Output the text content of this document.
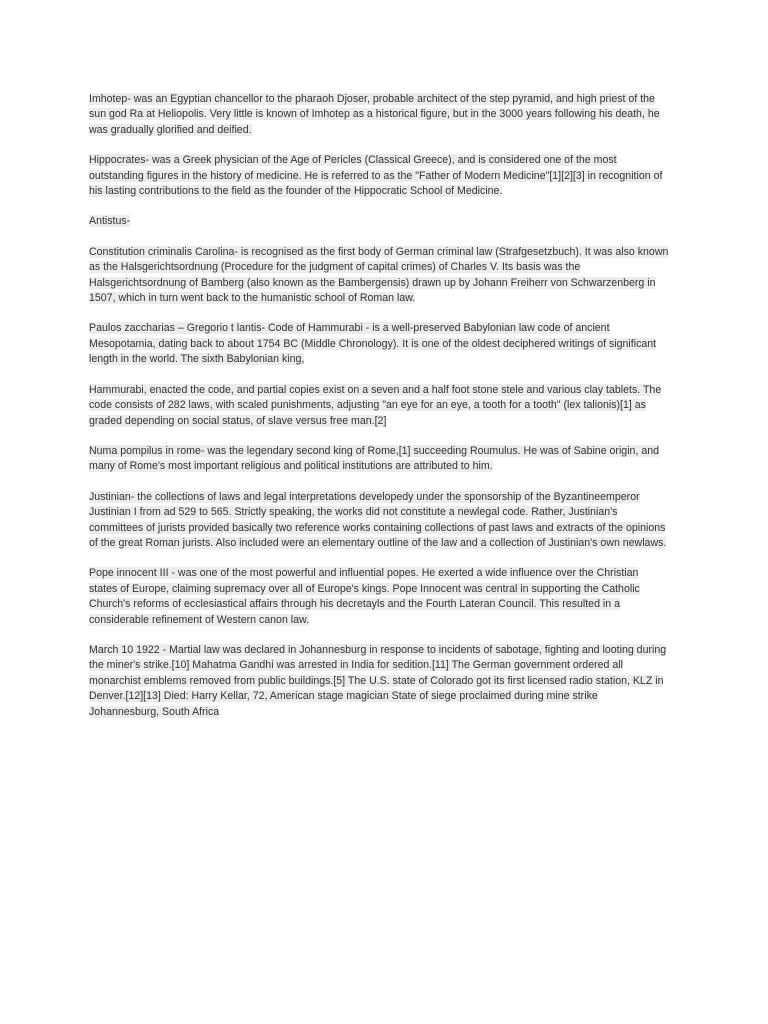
Imhotep- was an Egyptian chancellor to the pharaoh Djoser, probable architect of the step pyramid, and high priest of the sun god Ra at Heliopolis. Very little is known of Imhotep as a historical figure, but in the 3000 years following his death, he was gradually glorified and deified.

Hippocrates- was a Greek physician of the Age of Pericles (Classical Greece), and is considered one of the most outstanding figures in the history of medicine. He is referred to as the "Father of Modern Medicine"[1][2][3] in recognition of his lasting contributions to the field as the founder of the Hippocratic School of Medicine.

Antistus-

Constitution criminalis Carolina- is recognised as the first body of German criminal law (Strafgesetzbuch). It was also known as the Halsgerichtsordnung (Procedure for the judgment of capital crimes) of Charles V. Its basis was the Halsgerichtsordnung of Bamberg (also known as the Bambergensis) drawn up by Johann Freiherr von Schwarzenberg in 1507, which in turn went back to the humanistic school of Roman law.

Paulos zaccharias – Gregorio t lantis- Code of Hammurabi - is a well-preserved Babylonian law code of ancient Mesopotamia, dating back to about 1754 BC (Middle Chronology). It is one of the oldest deciphered writings of significant length in the world. The sixth Babylonian king,

Hammurabi, enacted the code, and partial copies exist on a seven and a half foot stone stele and various clay tablets. The code consists of 282 laws, with scaled punishments, adjusting "an eye for an eye, a tooth for a tooth" (lex talionis)[1] as graded depending on social status, of slave versus free man.[2]

Numa pompilus in rome- was the legendary second king of Rome,[1] succeeding Roumulus. He was of Sabine origin, and many of Rome's most important religious and political institutions are attributed to him.

Justinian- the collections of laws and legal interpretations developedy under the sponsorship of the Byzantineemperor Justinian I from ad 529 to 565. Strictly speaking, the works did not constitute a newlegal code. Rather, Justinian's committees of jurists provided basically two reference works containing collections of past laws and extracts of the opinions of the great Roman jurists. Also included were an elementary outline of the law and a collection of Justinian's own newlaws.

Pope innocent III - was one of the most powerful and influential popes. He exerted a wide influence over the Christian states of Europe, claiming supremacy over all of Europe's kings. Pope Innocent was central in supporting the Catholic Church's reforms of ecclesiastical affairs through his decretayls and the Fourth Lateran Council. This resulted in a considerable refinement of Western canon law.

March 10 1922 - Martial law was declared in Johannesburg in response to incidents of sabotage, fighting and looting during the miner's strike.[10] Mahatma Gandhi was arrested in India for sedition.[11] The German government ordered all monarchist emblems removed from public buildings.[5] The U.S. state of Colorado got its first licensed radio station, KLZ in Denver.[12][13] Died: Harry Kellar, 72, American stage magician State of siege proclaimed during mine strike Johannesburg, South Africa
